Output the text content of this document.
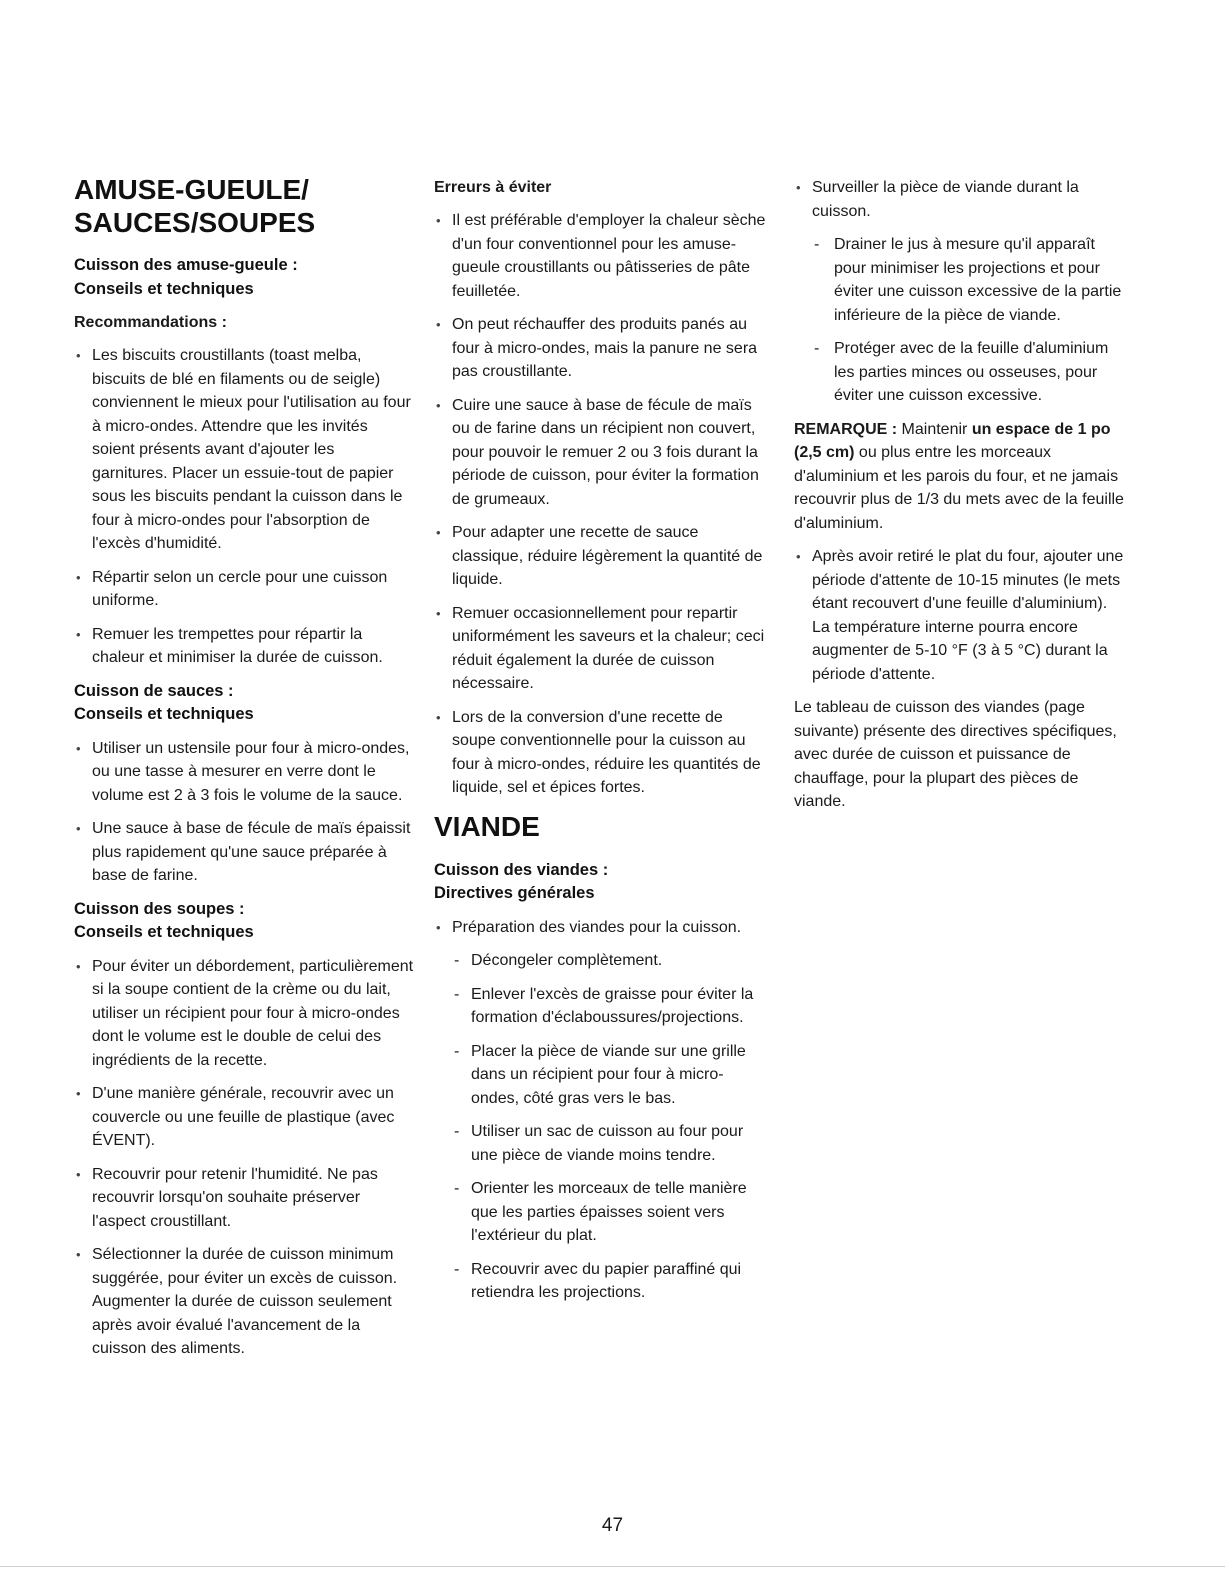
AMUSE-GUEULE/
SAUCES/SOUPES
Cuisson des amuse-gueule :
Conseils et techniques
Recommandations :
• Les biscuits croustillants (toast melba, biscuits de blé en filaments ou de seigle) conviennent le mieux pour l'utilisation au four à micro-ondes. Attendre que les invités soient présents avant d'ajouter les garnitures. Placer un essuie-tout de papier sous les biscuits pendant la cuisson dans le four à micro-ondes pour l'absorption de l'excès d'humidité.
• Répartir selon un cercle pour une cuisson uniforme.
• Remuer les trempettes pour répartir la chaleur et minimiser la durée de cuisson.
Cuisson de sauces :
Conseils et techniques
• Utiliser un ustensile pour four à micro-ondes, ou une tasse à mesurer en verre dont le volume est 2 à 3 fois le volume de la sauce.
• Une sauce à base de fécule de maïs épaissit plus rapidement qu'une sauce préparée à base de farine.
Cuisson des soupes :
Conseils et techniques
• Pour éviter un débordement, particulièrement si la soupe contient de la crème ou du lait, utiliser un récipient pour four à micro-ondes dont le volume est le double de celui des ingrédients de la recette.
• D'une manière générale, recouvrir avec un couvercle ou une feuille de plastique (avec ÉVENT).
• Recouvrir pour retenir l'humidité. Ne pas recouvrir lorsqu'on souhaite préserver l'aspect croustillant.
• Sélectionner la durée de cuisson minimum suggérée, pour éviter un excès de cuisson. Augmenter la durée de cuisson seulement après avoir évalué l'avancement de la cuisson des aliments.
Erreurs à éviter
• Il est préférable d'employer la chaleur sèche d'un four conventionnel pour les amuse-gueule croustillants ou pâtisseries de pâte feuilletée.
• On peut réchauffer des produits panés au four à micro-ondes, mais la panure ne sera pas croustillante.
• Cuire une sauce à base de fécule de maïs ou de farine dans un récipient non couvert, pour pouvoir le remuer 2 ou 3 fois durant la période de cuisson, pour éviter la formation de grumeaux.
• Pour adapter une recette de sauce classique, réduire légèrement la quantité de liquide.
• Remuer occasionnellement pour repartir uniformément les saveurs et la chaleur; ceci réduit également la durée de cuisson nécessaire.
• Lors de la conversion d'une recette de soupe conventionnelle pour la cuisson au four à micro-ondes, réduire les quantités de liquide, sel et épices fortes.
VIANDE
Cuisson des viandes :
Directives générales
• Préparation des viandes pour la cuisson.
- Décongeler complètement.
- Enlever l'excès de graisse pour éviter la formation d'éclaboussures/projections.
- Placer la pièce de viande sur une grille dans un récipient pour four à micro-ondes, côté gras vers le bas.
- Utiliser un sac de cuisson au four pour une pièce de viande moins tendre.
- Orienter les morceaux de telle manière que les parties épaisses soient vers l'extérieur du plat.
- Recouvrir avec du papier paraffiné qui retiendra les projections.
• Surveiller la pièce de viande durant la cuisson.
- Drainer le jus à mesure qu'il apparaît pour minimiser les projections et pour éviter une cuisson excessive de la partie inférieure de la pièce de viande.
- Protéger avec de la feuille d'aluminium les parties minces ou osseuses, pour éviter une cuisson excessive.

REMARQUE : Maintenir un espace de 1 po (2,5 cm) ou plus entre les morceaux d'aluminium et les parois du four, et ne jamais recouvrir plus de 1/3 du mets avec de la feuille d'aluminium.

• Après avoir retiré le plat du four, ajouter une période d'attente de 10-15 minutes (le mets étant recouvert d'une feuille d'aluminium). La température interne pourra encore augmenter de 5-10 °F (3 à 5 °C) durant la période d'attente.

Le tableau de cuisson des viandes (page suivante) présente des directives spécifiques, avec durée de cuisson et puissance de chauffage, pour la plupart des pièces de viande.

47
